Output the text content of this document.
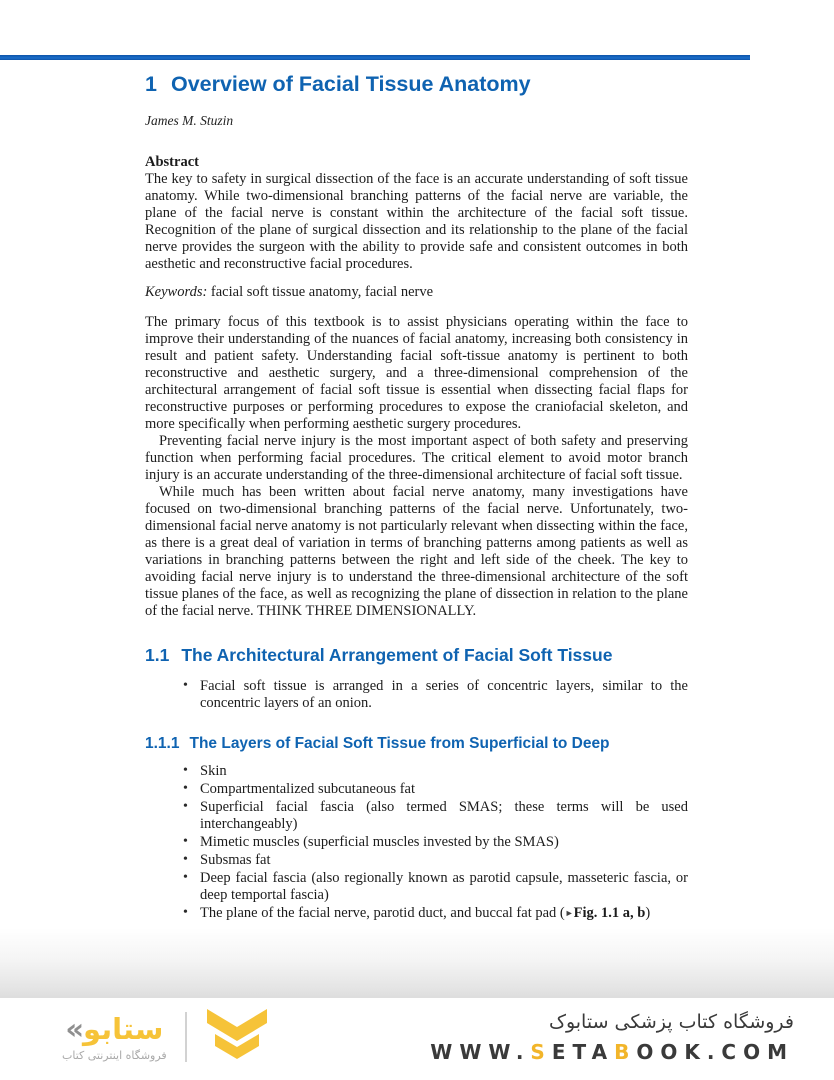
1 Overview of Facial Tissue Anatomy

James M. Stuzin

Abstract

The key to safety in surgical dissection of the face is an accurate understanding of soft tissue anatomy. While two-dimensional branching patterns of the facial nerve are variable, the plane of the facial nerve is constant within the architecture of the facial soft tissue. Recognition of the plane of surgical dissection and its relationship to the plane of the facial nerve provides the surgeon with the ability to provide safe and consistent outcomes in both aesthetic and reconstructive facial procedures.

Keywords: facial soft tissue anatomy, facial nerve

The primary focus of this textbook is to assist physicians operating within the face to improve their understanding of the nuances of facial anatomy, increasing both consistency in result and patient safety. Understanding facial soft-tissue anatomy is pertinent to both reconstructive and aesthetic surgery, and a three-dimensional comprehension of the architectural arrangement of facial soft tissue is essential when dissecting facial flaps for reconstructive purposes or performing procedures to expose the craniofacial skeleton, and more specifically when performing aesthetic surgery procedures.

Preventing facial nerve injury is the most important aspect of both safety and preserving function when performing facial procedures. The critical element to avoid motor branch injury is an accurate understanding of the three-dimensional architecture of facial soft tissue.

While much has been written about facial nerve anatomy, many investigations have focused on two-dimensional branching patterns of the facial nerve. Unfortunately, two-dimensional facial nerve anatomy is not particularly relevant when dissecting within the face, as there is a great deal of variation in terms of branching patterns among patients as well as variations in branching patterns between the right and left side of the cheek. The key to avoiding facial nerve injury is to understand the three-dimensional architecture of the soft tissue planes of the face, as well as recognizing the plane of dissection in relation to the plane of the facial nerve. THINK THREE DIMENSIONALLY.

1.1 The Architectural Arrangement of Facial Soft Tissue
• Facial soft tissue is arranged in a series of concentric layers, similar to the concentric layers of an onion.
1.1.1 The Layers of Facial Soft Tissue from Superficial to Deep
• Skin
• Compartmentalized subcutaneous fat
• Superficial facial fascia (also termed SMAS; these terms will be used interchangeably)
• Mimetic muscles (superficial muscles invested by the SMAS)
• Subsmas fat
• Deep facial fascia (also regionally known as parotid capsule, masseteric fascia, or deep temportal fascia)
• The plane of the facial nerve, parotid duct, and buccal fat pad (►Fig. 1.1 a, b)
« ستابو
فروشگاه اینترنتی کتاب
فروشگاه کتاب پزشکی ستابوک
WWW.SETABOOK.COM
